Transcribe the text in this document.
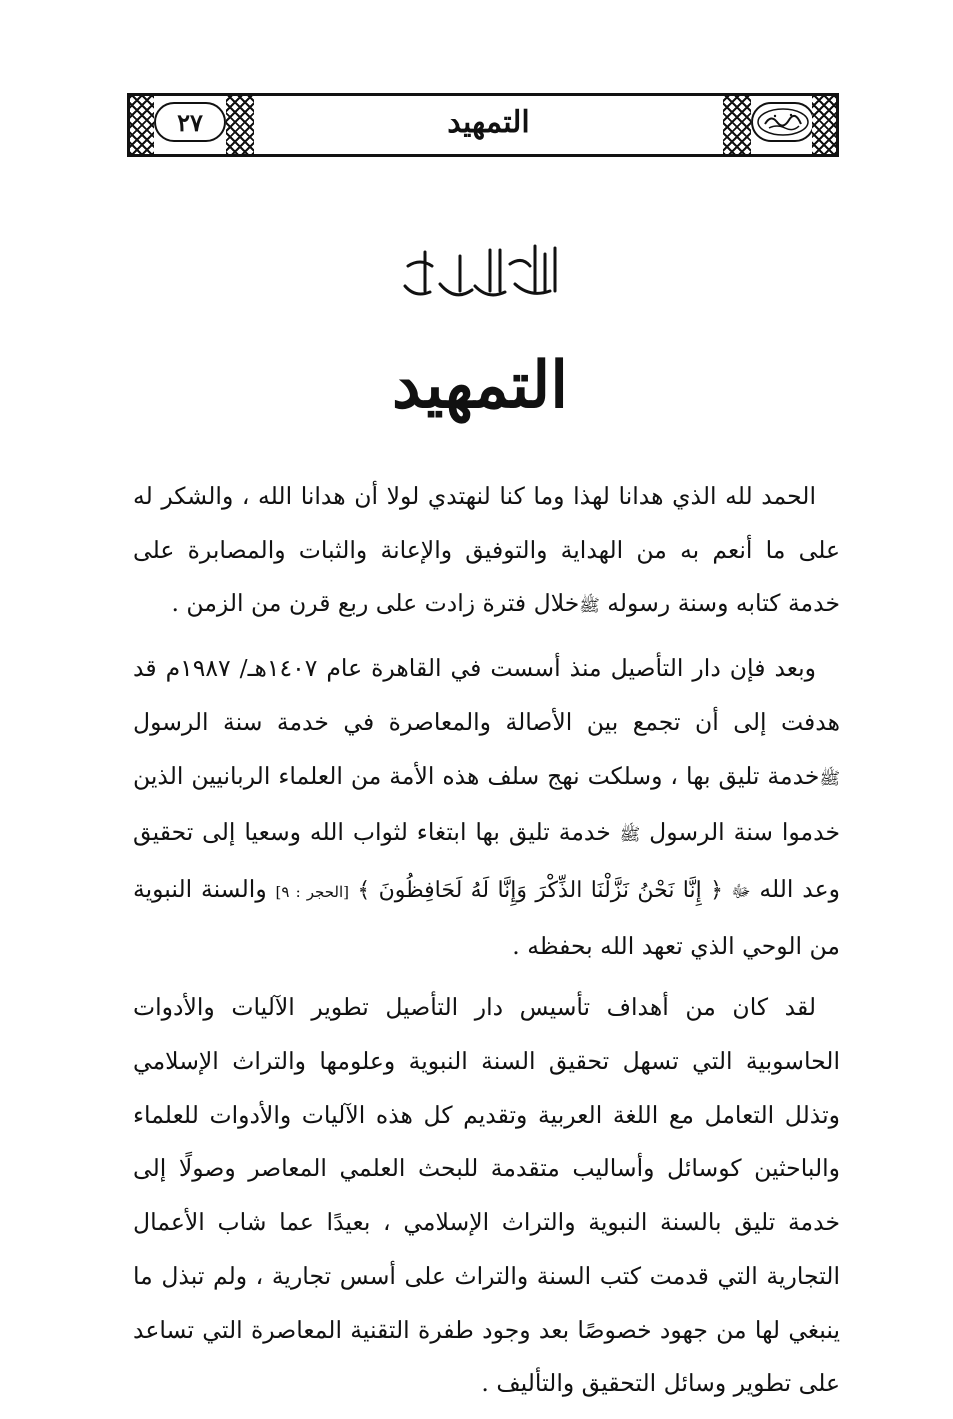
٢٧	التمهيد
التمهيد

الحمد لله الذي هدانا لهذا وما كنا لنهتدي لولا أن هدانا الله ، والشكر له على ما أنعم به من الهداية والتوفيق والإعانة والثبات والمصابرة على خدمة كتابه وسنة رسوله ﷺخلال فترة زادت على ربع قرن من الزمن .

وبعد فإن دار التأصيل منذ أسست في القاهرة عام ١٤٠٧هـ/ ١٩٨٧م قد هدفت إلى أن تجمع بين الأصالة والمعاصرة في خدمة سنة الرسول ﷺخدمة تليق بها ، وسلكت نهج سلف هذه الأمة من العلماء الربانيين الذين خدموا سنة الرسول ﷺ خدمة تليق بها ابتغاء لثواب الله وسعيا إلى تحقيق وعد الله ﷻ ﴿ إِنَّا نَحْنُ نَزَّلْنَا الذِّكْرَ وَإِنَّا لَهُ لَحَافِظُونَ ﴾ [الحجر : ٩] والسنة النبوية من الوحي الذي تعهد الله بحفظه .

لقد كان من أهداف تأسيس دار التأصيل تطوير الآليات والأدوات الحاسوبية التي تسهل تحقيق السنة النبوية وعلومها والتراث الإسلامي وتذلل التعامل مع اللغة العربية وتقديم كل هذه الآليات والأدوات للعلماء والباحثين كوسائل وأساليب متقدمة للبحث العلمي المعاصر وصولًا إلى خدمة تليق بالسنة النبوية والتراث الإسلامي ، بعيدًا عما شاب الأعمال التجارية التي قدمت كتب السنة والتراث على أسس تجارية ، ولم تبذل ما ينبغي لها من جهود خصوصًا بعد وجود طفرة التقنية المعاصرة التي تساعد على تطوير وسائل التحقيق والتأليف .
